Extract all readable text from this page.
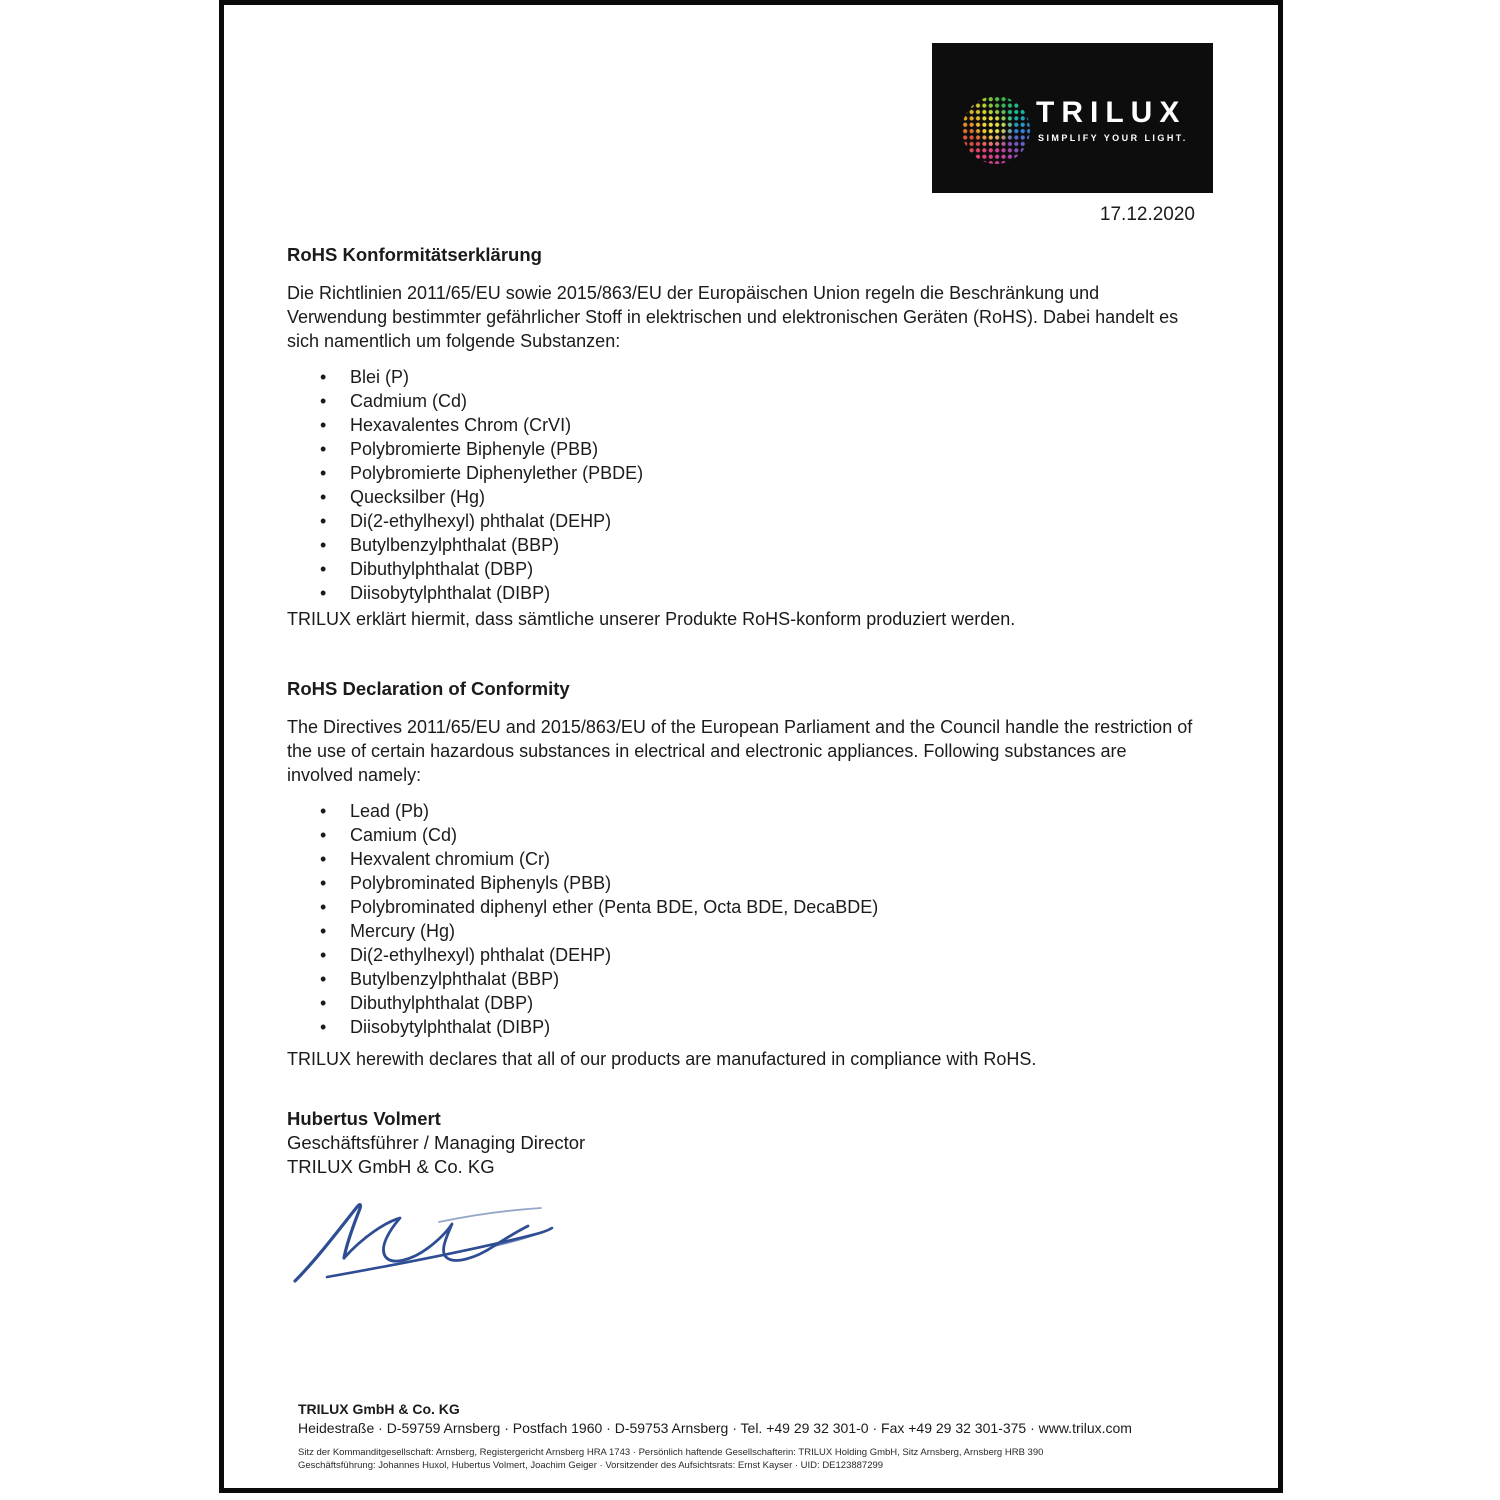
TRILUX
SIMPLIFY YOUR LIGHT.
17.12.2020
RoHS Konformitätserklärung

Die Richtlinien 2011/65/EU sowie 2015/863/EU der Europäischen Union regeln die Beschränkung und Verwendung bestimmter gefährlicher Stoff in elektrischen und elektronischen Geräten (RoHS). Dabei handelt es sich namentlich um folgende Substanzen:

• Blei (P)
• Cadmium (Cd)
• Hexavalentes Chrom (CrVI)
• Polybromierte Biphenyle (PBB)
• Polybromierte Diphenylether (PBDE)
• Quecksilber (Hg)
• Di(2-ethylhexyl) phthalat (DEHP)
• Butylbenzylphthalat (BBP)
• Dibuthylphthalat (DBP)
• Diisobytylphthalat (DIBP)

TRILUX erklärt hiermit, dass sämtliche unserer Produkte RoHS-konform produziert werden.

RoHS Declaration of Conformity

The Directives 2011/65/EU and 2015/863/EU of the European Parliament and the Council handle the restriction of the use of certain hazardous substances in electrical and electronic appliances. Following substances are involved namely:

• Lead (Pb)
• Camium (Cd)
• Hexvalent chromium (Cr)
• Polybrominated Biphenyls (PBB)
• Polybrominated diphenyl ether (Penta BDE, Octa BDE, DecaBDE)
• Mercury (Hg)
• Di(2-ethylhexyl) phthalat (DEHP)
• Butylbenzylphthalat (BBP)
• Dibuthylphthalat (DBP)
• Diisobytylphthalat (DIBP)

TRILUX herewith declares that all of our products are manufactured in compliance with RoHS.

Hubertus Volmert
Geschäftsführer / Managing Director
TRILUX GmbH & Co. KG
TRILUX GmbH & Co. KG
Heidestraße · D-59759 Arnsberg · Postfach 1960 · D-59753 Arnsberg · Tel. +49 29 32 301-0 · Fax +49 29 32 301-375 · www.trilux.com
Sitz der Kommanditgesellschaft: Arnsberg, Registergericht Arnsberg HRA 1743 · Persönlich haftende Gesellschafterin: TRILUX Holding GmbH, Sitz Arnsberg, Arnsberg HRB 390
Geschäftsführung: Johannes Huxol, Hubertus Volmert, Joachim Geiger · Vorsitzender des Aufsichtsrats: Ernst Kayser · UID: DE123887299
